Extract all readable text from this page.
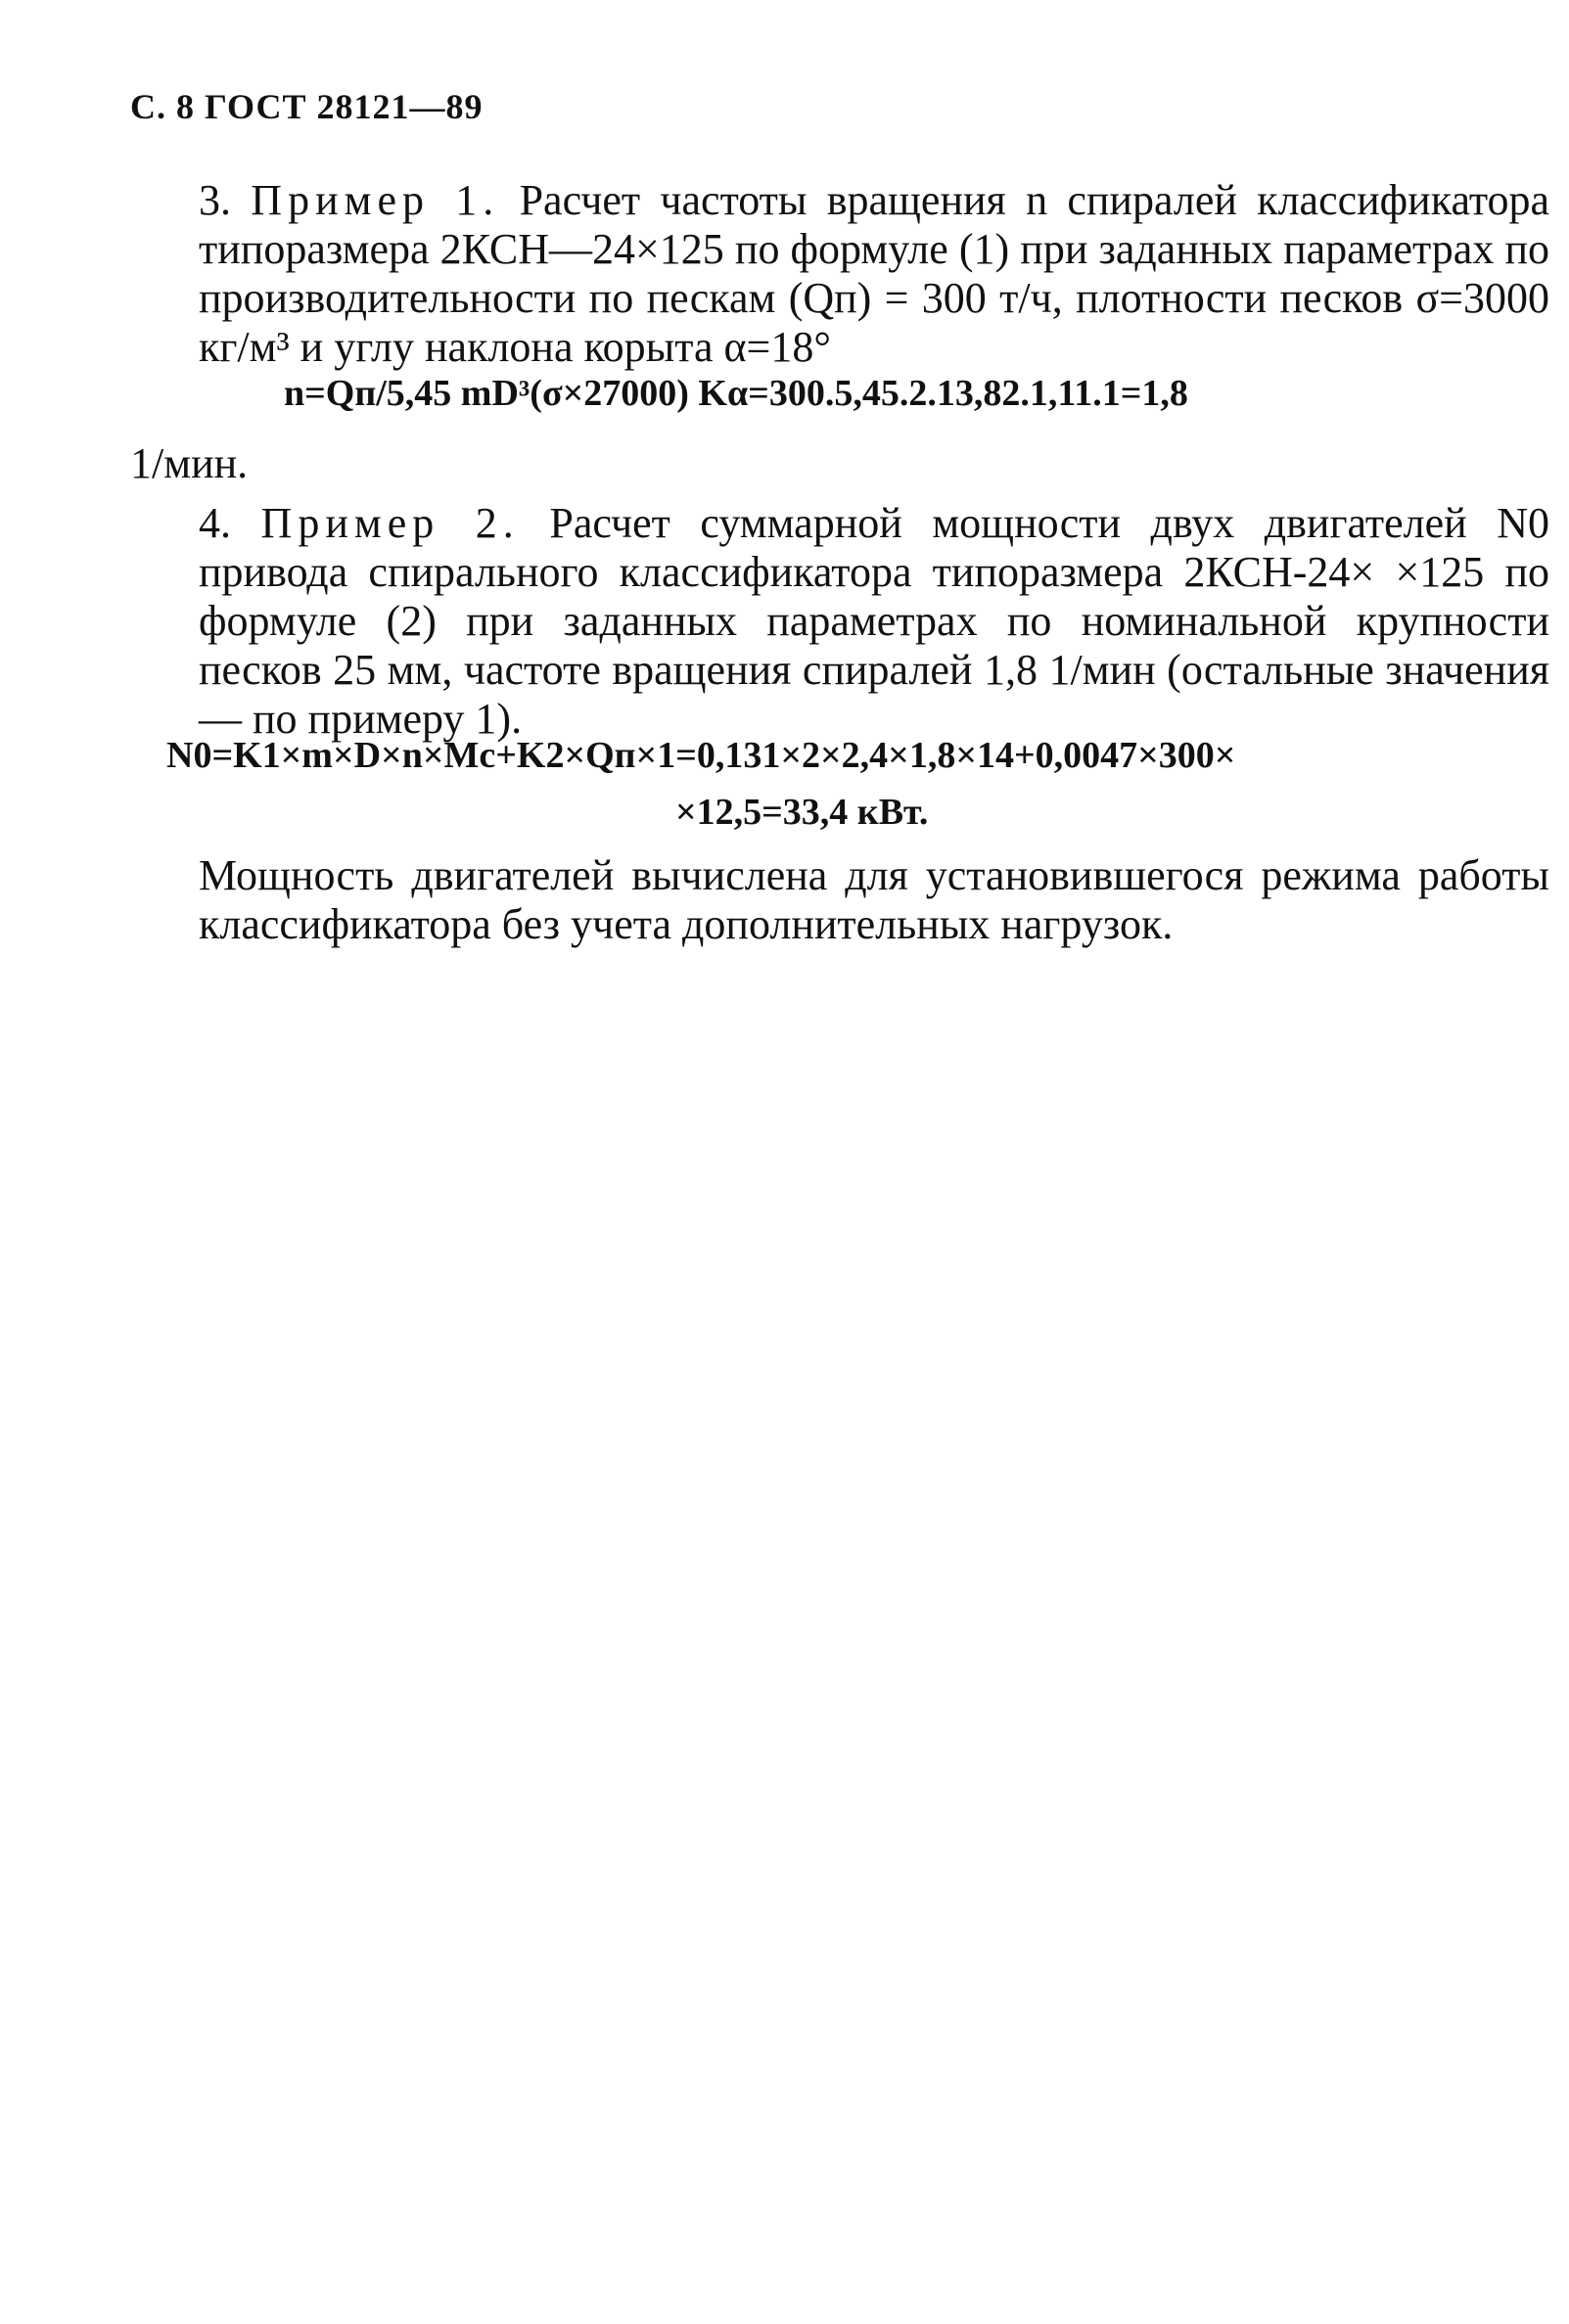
С. 8 ГОСТ 28121—89
3. Пример 1. Расчет частоты вращения n спиралей классификатора типоразмера 2КСН—24×125 по формуле (1) при заданных параметрах по производительности по пескам (Qп) = 300 т/ч, плотности песков σ=3000 кг/м³ и углу наклона корыта α=18°
n=Qп/5,45 mD³(σ×27000) Kα=300.5,45.2.13,82.1,11.1=1,8
1/мин.
4. Пример 2. Расчет суммарной мощности двух двигателей N0 привода спирального классификатора типоразмера 2КСН-24× ×125 по формуле (2) при заданных параметрах по номинальной крупности песков 25 мм, частоте вращения спиралей 1,8 1/мин (остальные значения — по примеру 1).
N0=K1×m×D×n×Mc+K2×Qп×1=0,131×2×2,4×1,8×14+0,0047×300×
×12,5=33,4 кВт.
Мощность двигателей вычислена для установившегося режима работы классификатора без учета дополнительных нагрузок.
